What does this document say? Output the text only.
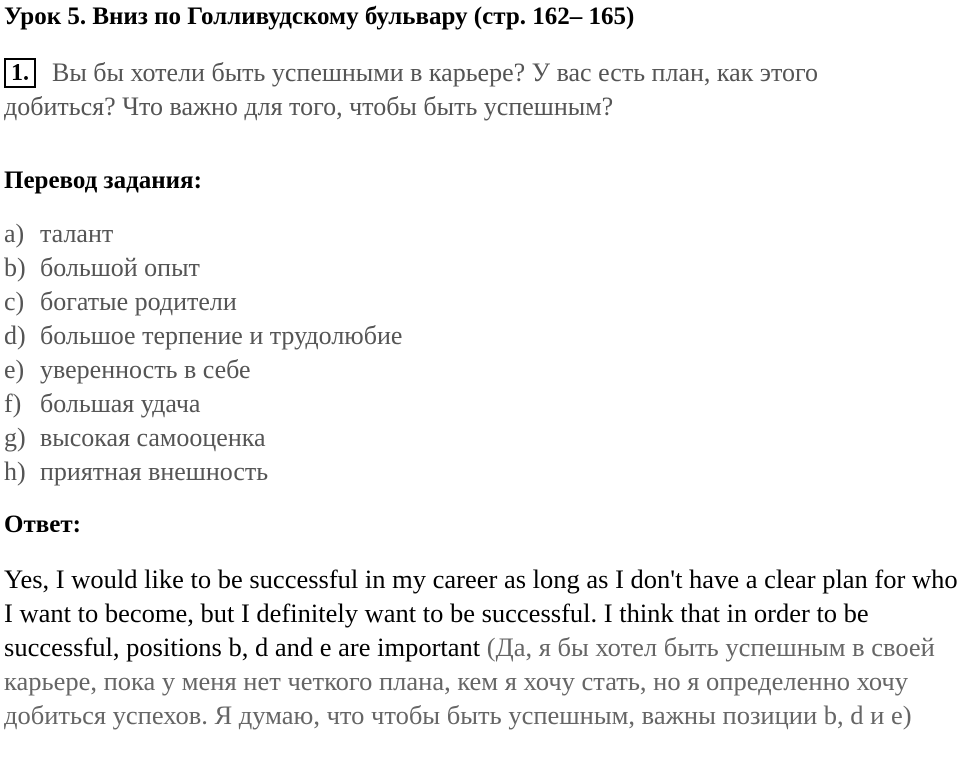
Урок 5. Вниз по Голливудскому бульвару (стр. 162– 165)
1. Вы бы хотели быть успешными в карьере? У вас есть план, как этого добиться? Что важно для того, чтобы быть успешным?
Перевод задания:
a) талант
b) большой опыт
c) богатые родители
d) большое терпение и трудолюбие
e) уверенность в себе
f) большая удача
g) высокая самооценка
h) приятная внешность
Ответ:
Yes, I would like to be successful in my career as long as I don't have a clear plan for who I want to become, but I definitely want to be successful. I think that in order to be successful, positions b, d and e are important (Да, я бы хотел быть успешным в своей карьере, пока у меня нет четкого плана, кем я хочу стать, но я определенно хочу добиться успехов. Я думаю, что чтобы быть успешным, важны позиции b, d и e)
